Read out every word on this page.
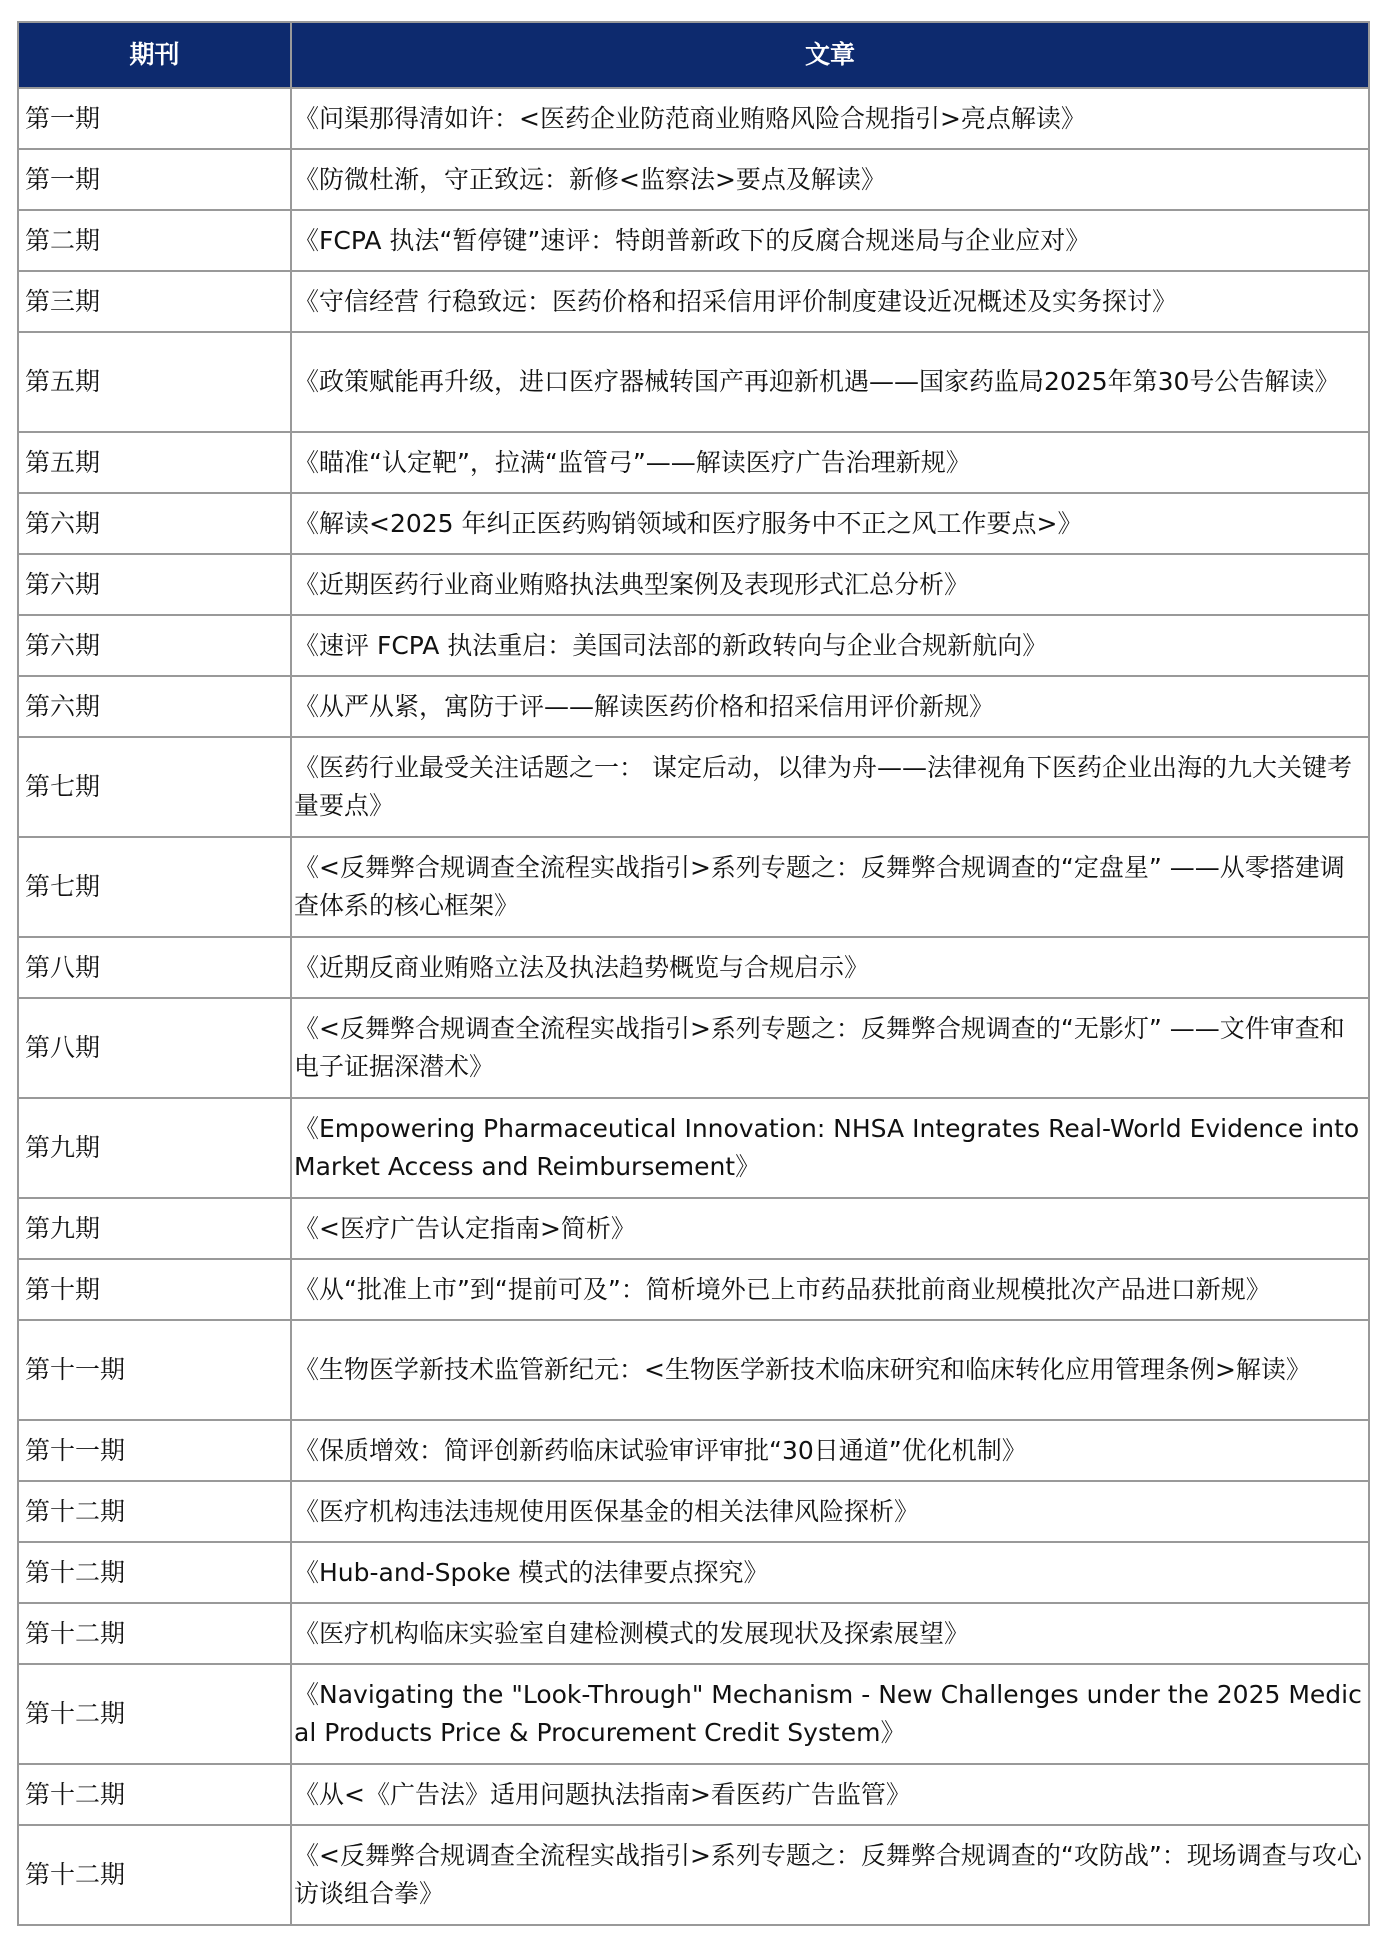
期刊	文章
第一期	《问渠那得清如许：<医药企业防范商业贿赂风险合规指引>亮点解读》
第一期	《防微杜渐，守正致远：新修<监察法>要点及解读》
第二期	《FCPA 执法“暂停键”速评：特朗普新政下的反腐合规迷局与企业应对》
第三期	《守信经营 行稳致远：医药价格和招采信用评价制度建设近况概述及实务探讨》
第五期	《政策赋能再升级，进口医疗器械转国产再迎新机遇——国家药监局2025年第30号公告解读》
第五期	《瞄准“认定靶”，拉满“监管弓”——解读医疗广告治理新规》
第六期	《解读<2025 年纠正医药购销领域和医疗服务中不正之风工作要点>》
第六期	《近期医药行业商业贿赂执法典型案例及表现形式汇总分析》
第六期	《速评 FCPA 执法重启：美国司法部的新政转向与企业合规新航向》
第六期	《从严从紧，寓防于评——解读医药价格和招采信用评价新规》
第七期	《医药行业最受关注话题之一： 谋定后动，以律为舟——法律视角下医药企业出海的九大关键考量要点》
第七期	《<反舞弊合规调查全流程实战指引>系列专题之：反舞弊合规调查的“定盘星” ——从零搭建调查体系的核心框架》
第八期	《近期反商业贿赂立法及执法趋势概览与合规启示》
第八期	《<反舞弊合规调查全流程实战指引>系列专题之：反舞弊合规调查的“无影灯” ——文件审查和电子证据深潜术》
第九期	《Empowering Pharmaceutical Innovation: NHSA Integrates Real-World Evidence into Market Access and Reimbursement》
第九期	《<医疗广告认定指南>简析》
第十期	《从“批准上市”到“提前可及”：简析境外已上市药品获批前商业规模批次产品进口新规》
第十一期	《生物医学新技术监管新纪元：<生物医学新技术临床研究和临床转化应用管理条例>解读》
第十一期	《保质增效：简评创新药临床试验审评审批“30日通道”优化机制》
第十二期	《医疗机构违法违规使用医保基金的相关法律风险探析》
第十二期	《Hub-and-Spoke 模式的法律要点探究》
第十二期	《医疗机构临床实验室自建检测模式的发展现状及探索展望》
第十二期	《Navigating the "Look-Through" Mechanism - New Challenges under the 2025 Medical Products Price & Procurement Credit System》
第十二期	《从<《广告法》适用问题执法指南>看医药广告监管》
第十二期	《<反舞弊合规调查全流程实战指引>系列专题之：反舞弊合规调查的“攻防战”：现场调查与攻心访谈组合拳》
